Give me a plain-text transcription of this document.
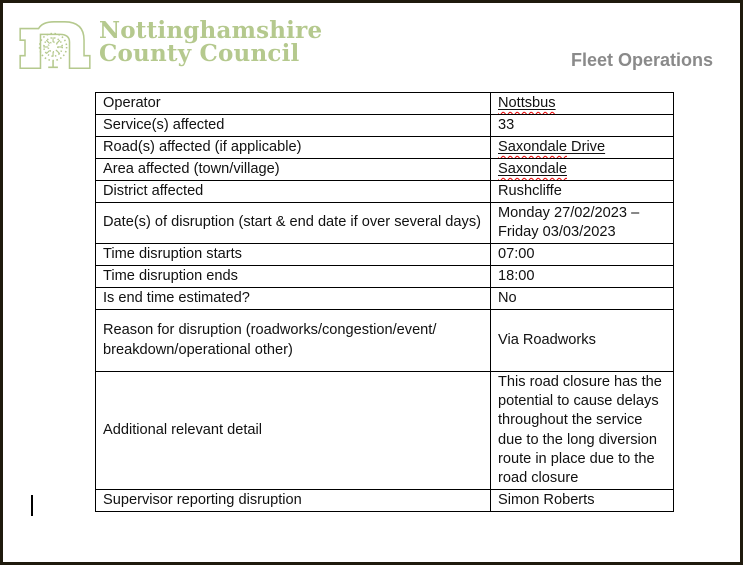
Nottinghamshire
County Council	Fleet Operations
Operator	Nottsbus
Service(s) affected	33
Road(s) affected (if applicable)	Saxondale Drive
Area affected (town/village)	Saxondale
District affected	Rushcliffe
Date(s) of disruption (start & end date if over several days)	Monday 27/02/2023 – Friday 03/03/2023
Time disruption starts	07:00
Time disruption ends	18:00
Is end time estimated?	No
Reason for disruption (roadworks/congestion/event/ breakdown/operational other)	Via Roadworks
Additional relevant detail	This road closure has the potential to cause delays throughout the service due to the long diversion route in place due to the road closure
Supervisor reporting disruption	Simon Roberts
